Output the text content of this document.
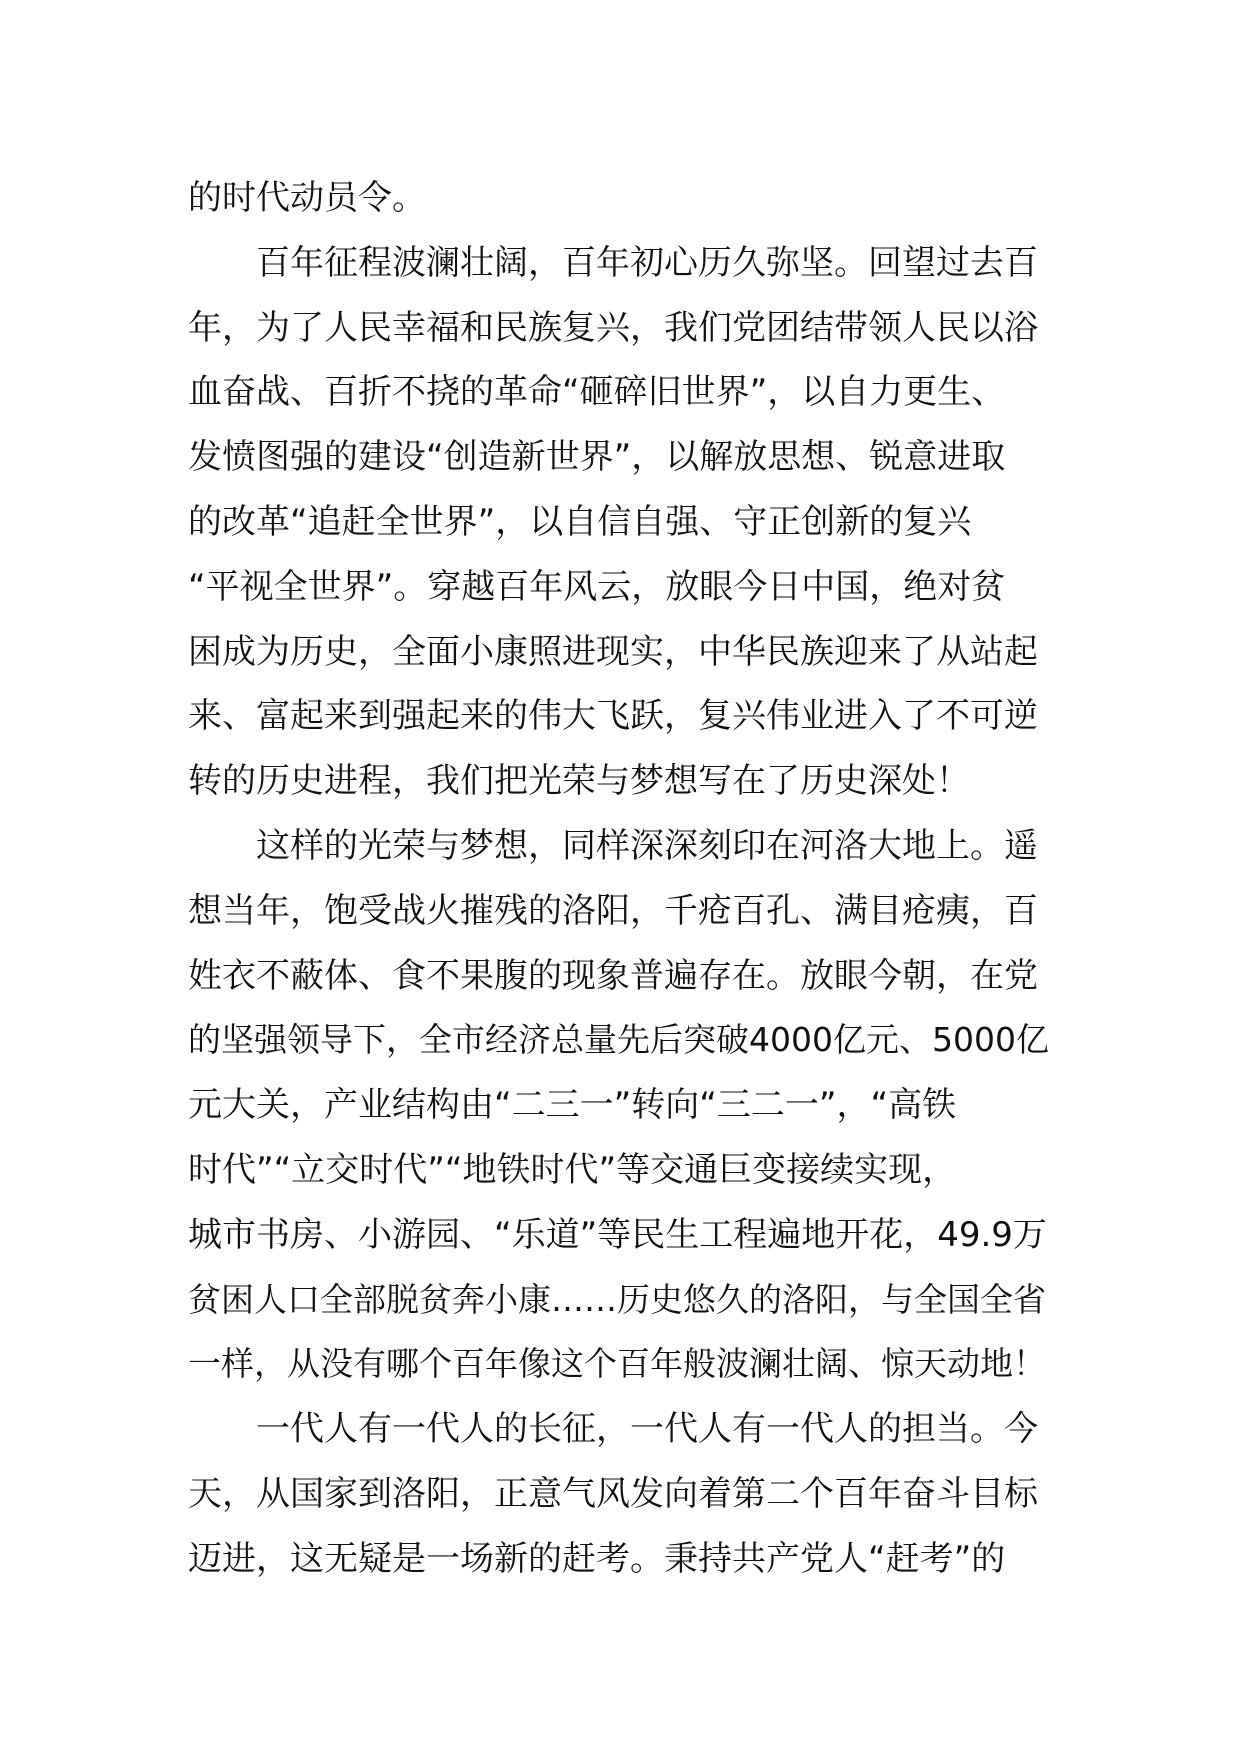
的时代动员令。
百年征程波澜壮阔，百年初心历久弥坚。回望过去百
年，为了人民幸福和民族复兴，我们党团结带领人民以浴
血奋战、百折不挠的革命“砸碎旧世界”，以自力更生、
发愤图强的建设“创造新世界”，以解放思想、锐意进取
的改革“追赶全世界”，以自信自强、守正创新的复兴
“平视全世界”。穿越百年风云，放眼今日中国，绝对贫
困成为历史，全面小康照进现实，中华民族迎来了从站起
来、富起来到强起来的伟大飞跃，复兴伟业进入了不可逆
转的历史进程，我们把光荣与梦想写在了历史深处！
这样的光荣与梦想，同样深深刻印在河洛大地上。遥
想当年，饱受战火摧残的洛阳，千疮百孔、满目疮痍，百
姓衣不蔽体、食不果腹的现象普遍存在。放眼今朝，在党
的坚强领导下，全市经济总量先后突破4000亿元、5000亿
元大关，产业结构由“二三一”转向“三二一”，“高铁
时代”“立交时代”“地铁时代”等交通巨变接续实现，
城市书房、小游园、“乐道”等民生工程遍地开花，49.9万
贫困人口全部脱贫奔小康……历史悠久的洛阳，与全国全省
一样，从没有哪个百年像这个百年般波澜壮阔、惊天动地！
一代人有一代人的长征，一代人有一代人的担当。今
天，从国家到洛阳，正意气风发向着第二个百年奋斗目标
迈进，这无疑是一场新的赶考。秉持共产党人“赶考”的
